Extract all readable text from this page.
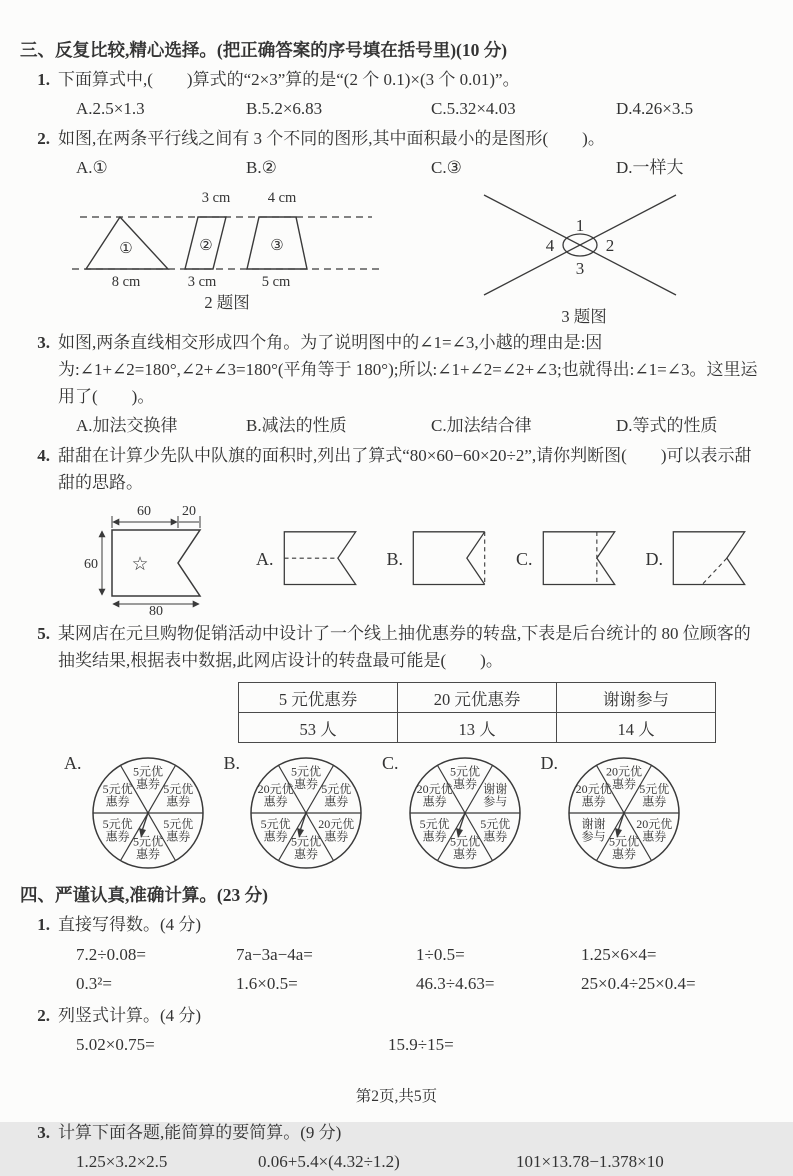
三、反复比较,精心选择。(把正确答案的序号填在括号里)(10 分)
1. 下面算式中,(　　)算式的“2×3”算的是“(2 个 0.1)×(3 个 0.01)”。
A.2.5×1.3	B.5.2×6.83	C.5.32×4.03	D.4.26×3.5
2. 如图,在两条平行线之间有 3 个不同的图形,其中面积最小的是图形(　　)。
A.①	B.②	C.③	D.一样大
3 cm	4 cm
①	②	③
8 cm	3 cm	5 cm
2 题图
1
2
3
4
3 题图
3. 如图,两条直线相交形成四个角。为了说明图中的∠1=∠3,小越的理由是:因为:∠1+∠2=180°,∠2+∠3=180°(平角等于 180°);所以:∠1+∠2=∠2+∠3;也就得出:∠1=∠3。这里运用了(　　)。
A.加法交换律	B.减法的性质	C.加法结合律	D.等式的性质
4. 甜甜在计算少先队中队旗的面积时,列出了算式“80×60−60×20÷2”,请你判断图(　　)可以表示甜甜的思路。
60 20
60
80
☆	A.	B.	C.	D.
5. 某网店在元旦购物促销活动中设计了一个线上抽优惠券的转盘,下表是后台统计的 80 位顾客的抽奖结果,根据表中数据,此网店设计的转盘最可能是(　　)。
5 元优惠券	20 元优惠券	谢谢参与
53 人	13 人	14 人
A.	5元优惠券 5元优惠券
5元优惠券
5元优惠券
5元优惠券
5元优惠券
B.	5元优惠券 5元优惠券
20元优惠券
5元优惠券
5元优惠券
20元优惠券
C.	5元优惠券 谢谢参与
5元优惠券
5元优惠券
5元优惠券
20元优惠券
D.	20元优惠券 5元优惠券
20元优惠券
5元优惠券
谢谢参与
20元优惠券
四、严谨认真,准确计算。(23 分)
1. 直接写得数。(4 分)
7.2÷0.08=	7a−3a−4a=	1÷0.5=	1.25×6×4=
0.3²=	1.6×0.5=	46.3÷4.63=	25×0.4÷25×0.4=
2. 列竖式计算。(4 分)
5.02×0.75=	15.9÷15=
3. 计算下面各题,能简算的要简算。(9 分)
1.25×3.2×2.5	0.06+5.4×(4.32÷1.2)	101×13.78−1.378×10
第2页,共5页
